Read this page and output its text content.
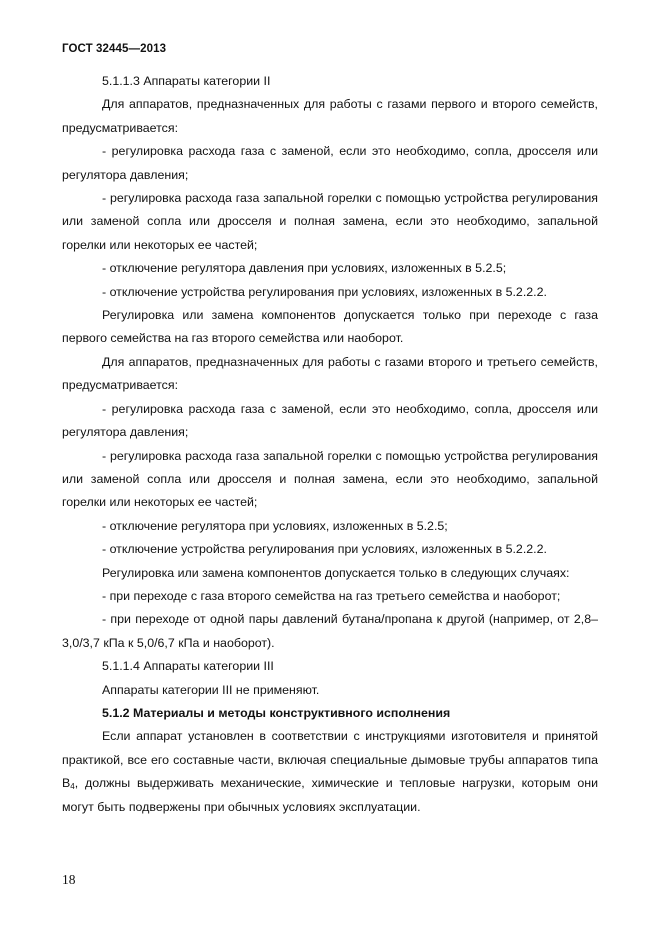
ГОСТ 32445—2013

5.1.1.3 Аппараты категории II

Для аппаратов, предназначенных для работы с газами первого и второго семейств, предусматривается:

- регулировка расхода газа с заменой, если это необходимо, сопла, дросселя или регулятора давления;

- регулировка расхода газа запальной горелки с помощью устройства регулирования или заменой сопла или дросселя и полная замена, если это необходимо, запальной горелки или некоторых ее частей;

- отключение регулятора давления при условиях, изложенных в 5.2.5;

- отключение устройства регулирования при условиях, изложенных в 5.2.2.2.

Регулировка или замена компонентов допускается только при переходе с газа первого семейства на газ второго семейства или наоборот.

Для аппаратов, предназначенных для работы с газами второго и третьего семейств, предусматривается:

- регулировка расхода газа с заменой, если это необходимо, сопла, дросселя или регулятора давления;

- регулировка расхода газа запальной горелки с помощью устройства регулирования или заменой сопла или дросселя и полная замена, если это необходимо, запальной горелки или некоторых ее частей;

- отключение регулятора при условиях, изложенных в 5.2.5;

- отключение устройства регулирования при условиях, изложенных в 5.2.2.2.

Регулировка или замена компонентов допускается только в следующих случаях:

- при переходе с газа второго семейства на газ третьего семейства и наоборот;

- при переходе от одной пары давлений бутана/пропана к другой (например, от 2,8–3,0/3,7 кПа к 5,0/6,7 кПа и наоборот).

5.1.1.4 Аппараты категории III

Аппараты категории III не применяют.

5.1.2 Материалы и методы конструктивного исполнения

Если аппарат установлен в соответствии с инструкциями изготовителя и принятой практикой, все его составные части, включая специальные дымовые трубы аппаратов типа $B_4$, должны выдерживать механические, химические и тепловые нагрузки, которым они могут быть подвержены при обычных условиях эксплуатации.

18
